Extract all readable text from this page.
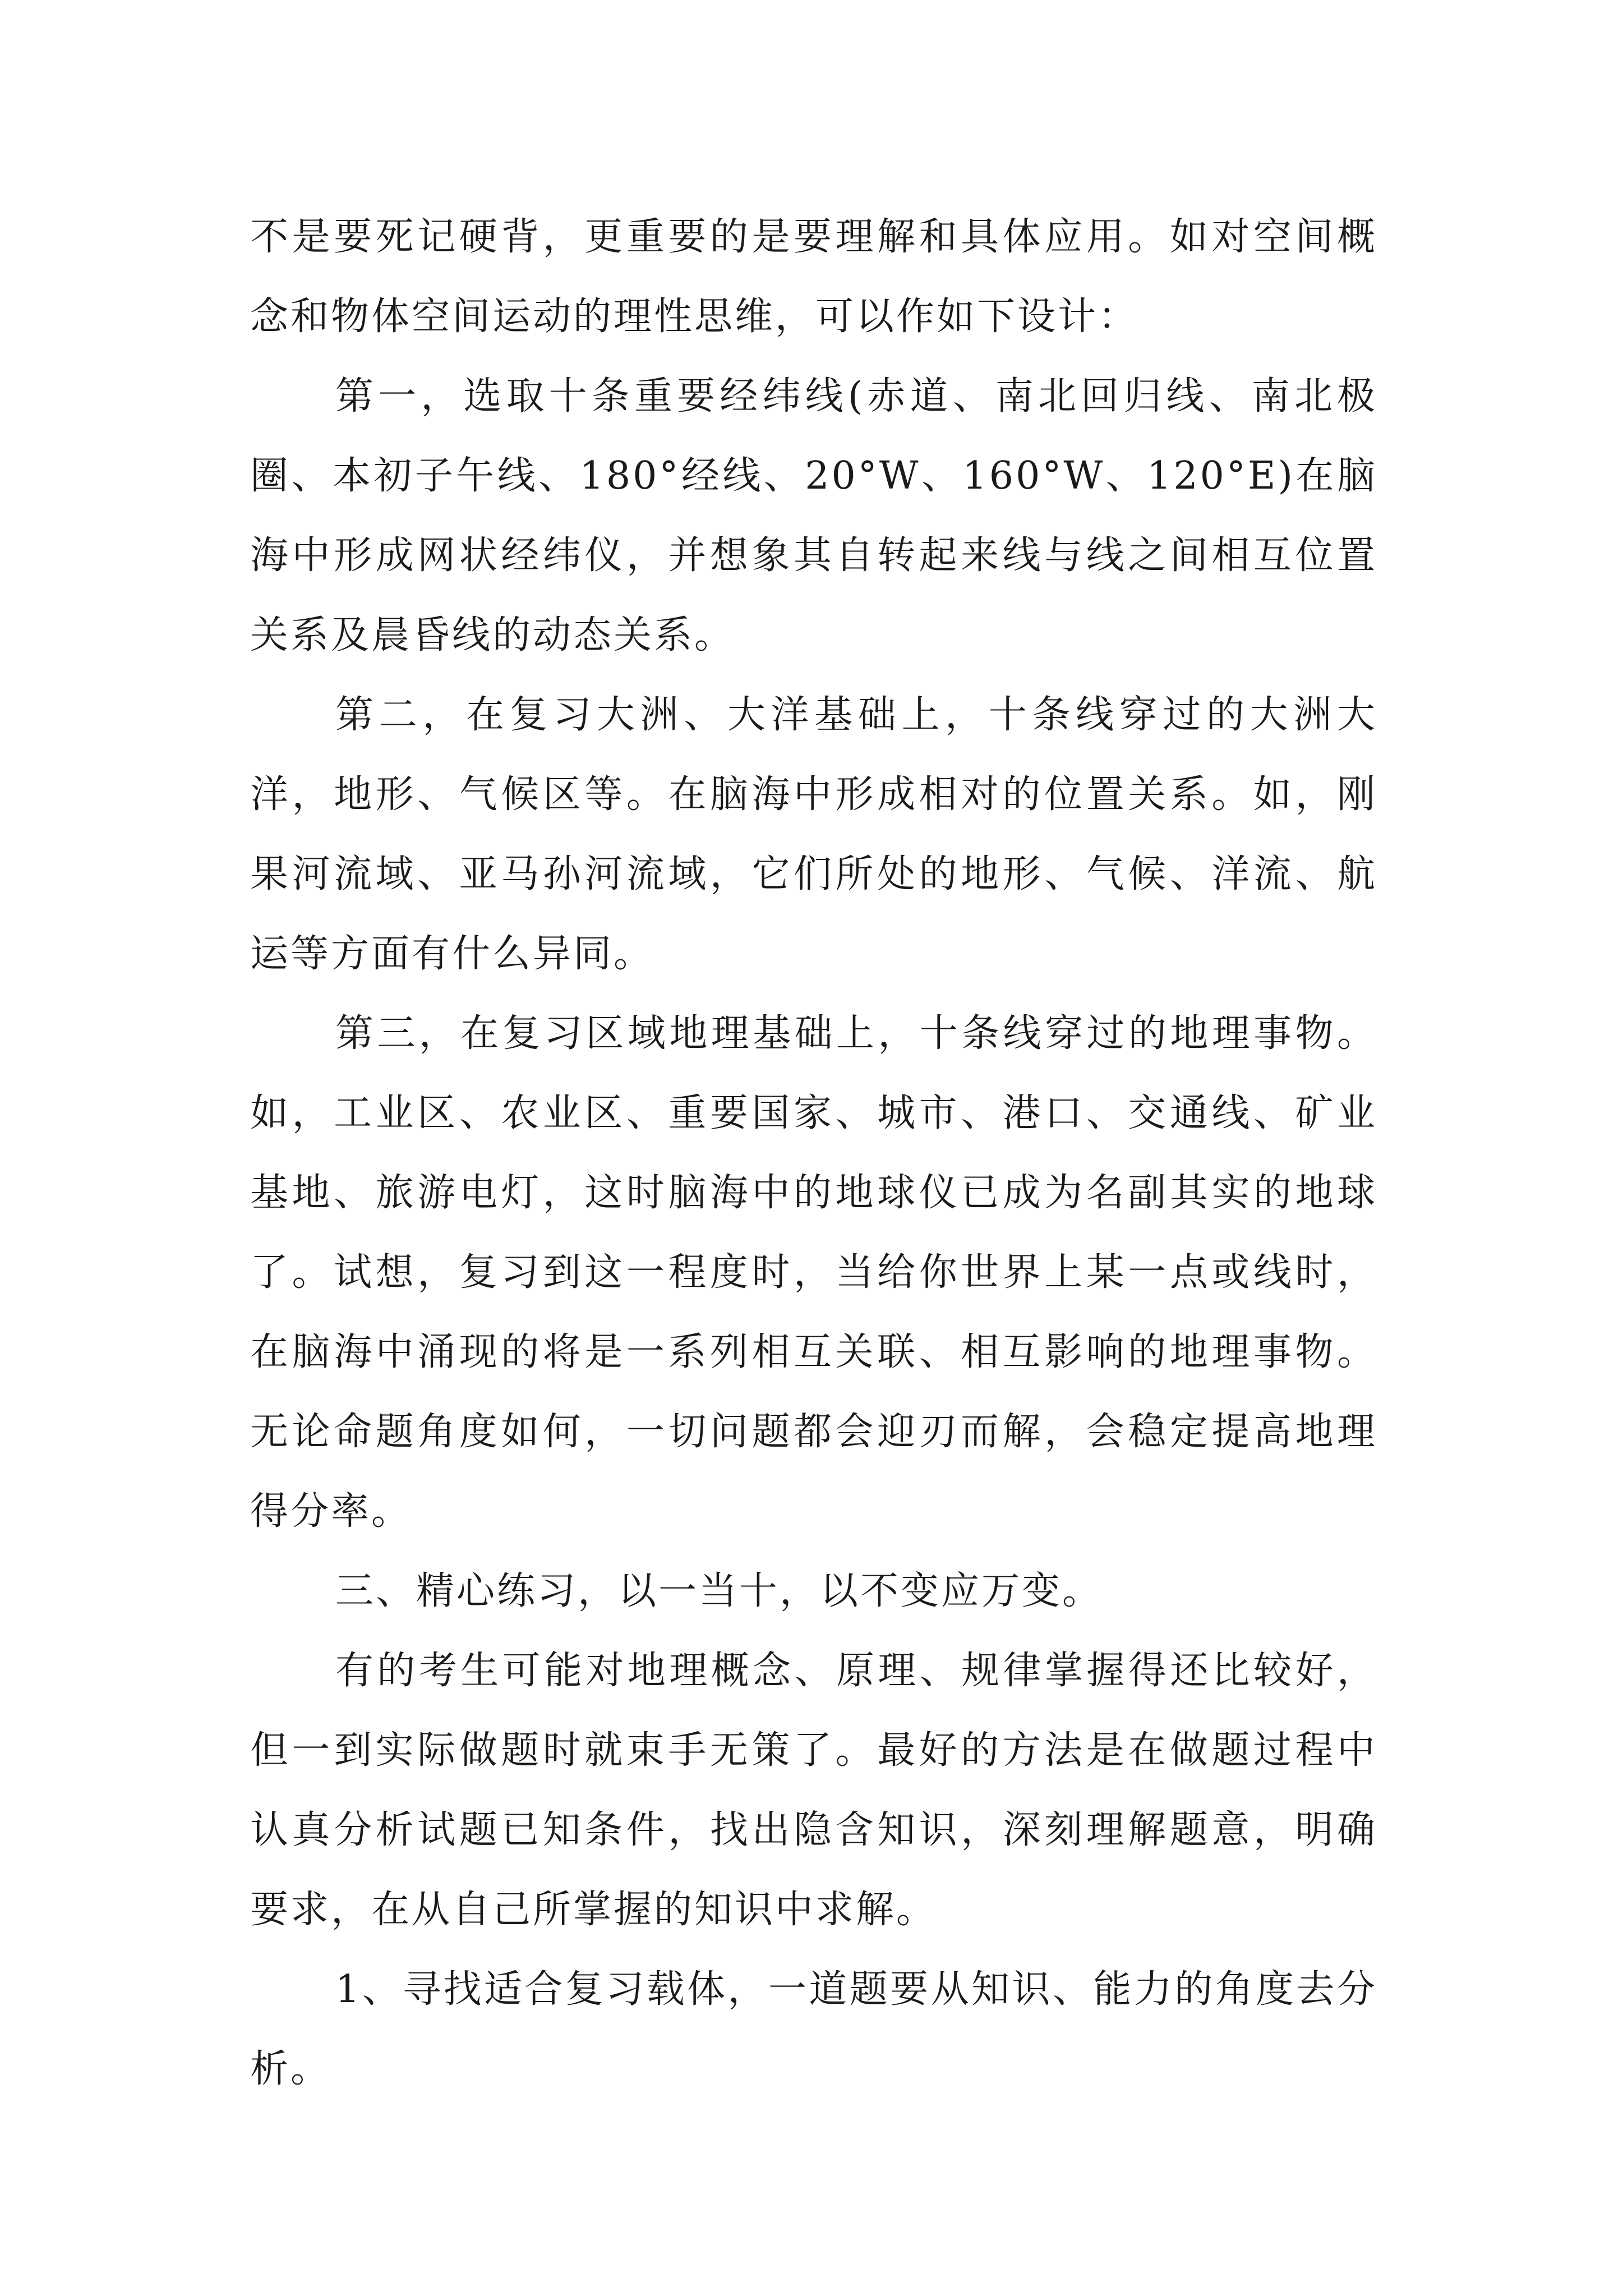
不是要死记硬背，更重要的是要理解和具体应用。如对空间概念和物体空间运动的理性思维，可以作如下设计：

第一，选取十条重要经纬线(赤道、南北回归线、南北极圈、本初子午线、180°经线、20°W、160°W、120°E)在脑海中形成网状经纬仪，并想象其自转起来线与线之间相互位置关系及晨昏线的动态关系。

第二，在复习大洲、大洋基础上，十条线穿过的大洲大洋，地形、气候区等。在脑海中形成相对的位置关系。如，刚果河流域、亚马孙河流域，它们所处的地形、气候、洋流、航运等方面有什么异同。

第三，在复习区域地理基础上，十条线穿过的地理事物。如，工业区、农业区、重要国家、城市、港口、交通线、矿业基地、旅游电灯，这时脑海中的地球仪已成为名副其实的地球了。试想，复习到这一程度时，当给你世界上某一点或线时，在脑海中涌现的将是一系列相互关联、相互影响的地理事物。无论命题角度如何，一切问题都会迎刃而解，会稳定提高地理得分率。

三、精心练习，以一当十，以不变应万变。

有的考生可能对地理概念、原理、规律掌握得还比较好，但一到实际做题时就束手无策了。最好的方法是在做题过程中认真分析试题已知条件，找出隐含知识，深刻理解题意，明确要求，在从自己所掌握的知识中求解。

1、寻找适合复习载体，一道题要从知识、能力的角度去分析。
